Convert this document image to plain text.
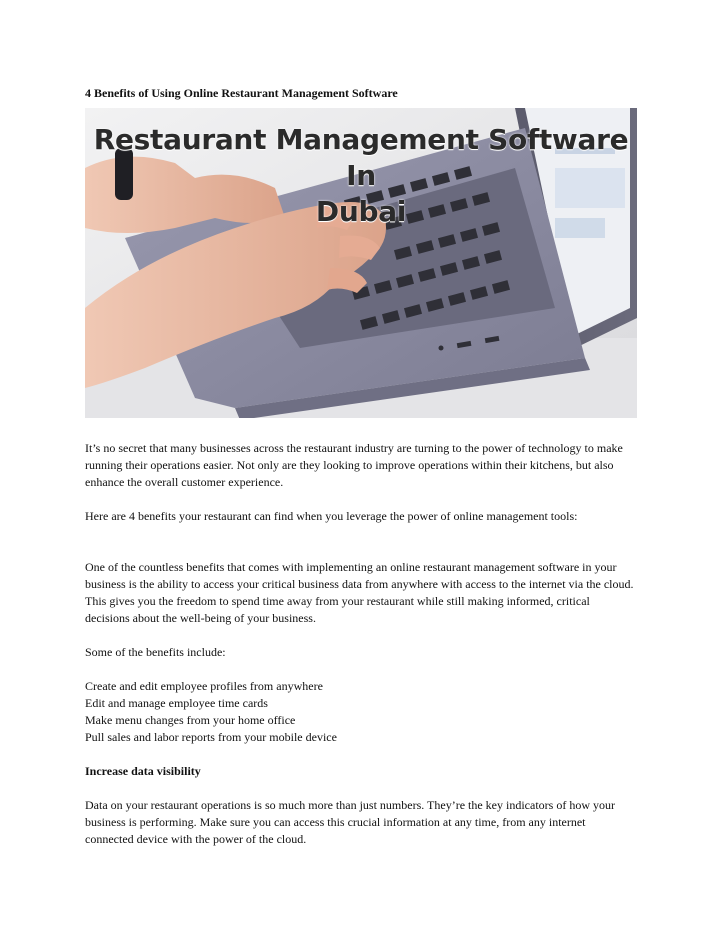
4 Benefits of Using Online Restaurant Management Software
Restaurant Management Software In
Dubai

It’s no secret that many businesses across the restaurant industry are turning to the power of technology to make running their operations easier. Not only are they looking to improve operations within their kitchens, but also enhance the overall customer experience.

Here are 4 benefits your restaurant can find when you leverage the power of online management tools:

One of the countless benefits that comes with implementing an online restaurant management software in your business is the ability to access your critical business data from anywhere with access to the internet via the cloud. This gives you the freedom to spend time away from your restaurant while still making informed, critical decisions about the well-being of your business.

Some of the benefits include:

Create and edit employee profiles from anywhere
Edit and manage employee time cards
Make menu changes from your home office
Pull sales and labor reports from your mobile device

Increase data visibility

Data on your restaurant operations is so much more than just numbers. They’re the key indicators of how your business is performing. Make sure you can access this crucial information at any time, from any internet connected device with the power of the cloud.
